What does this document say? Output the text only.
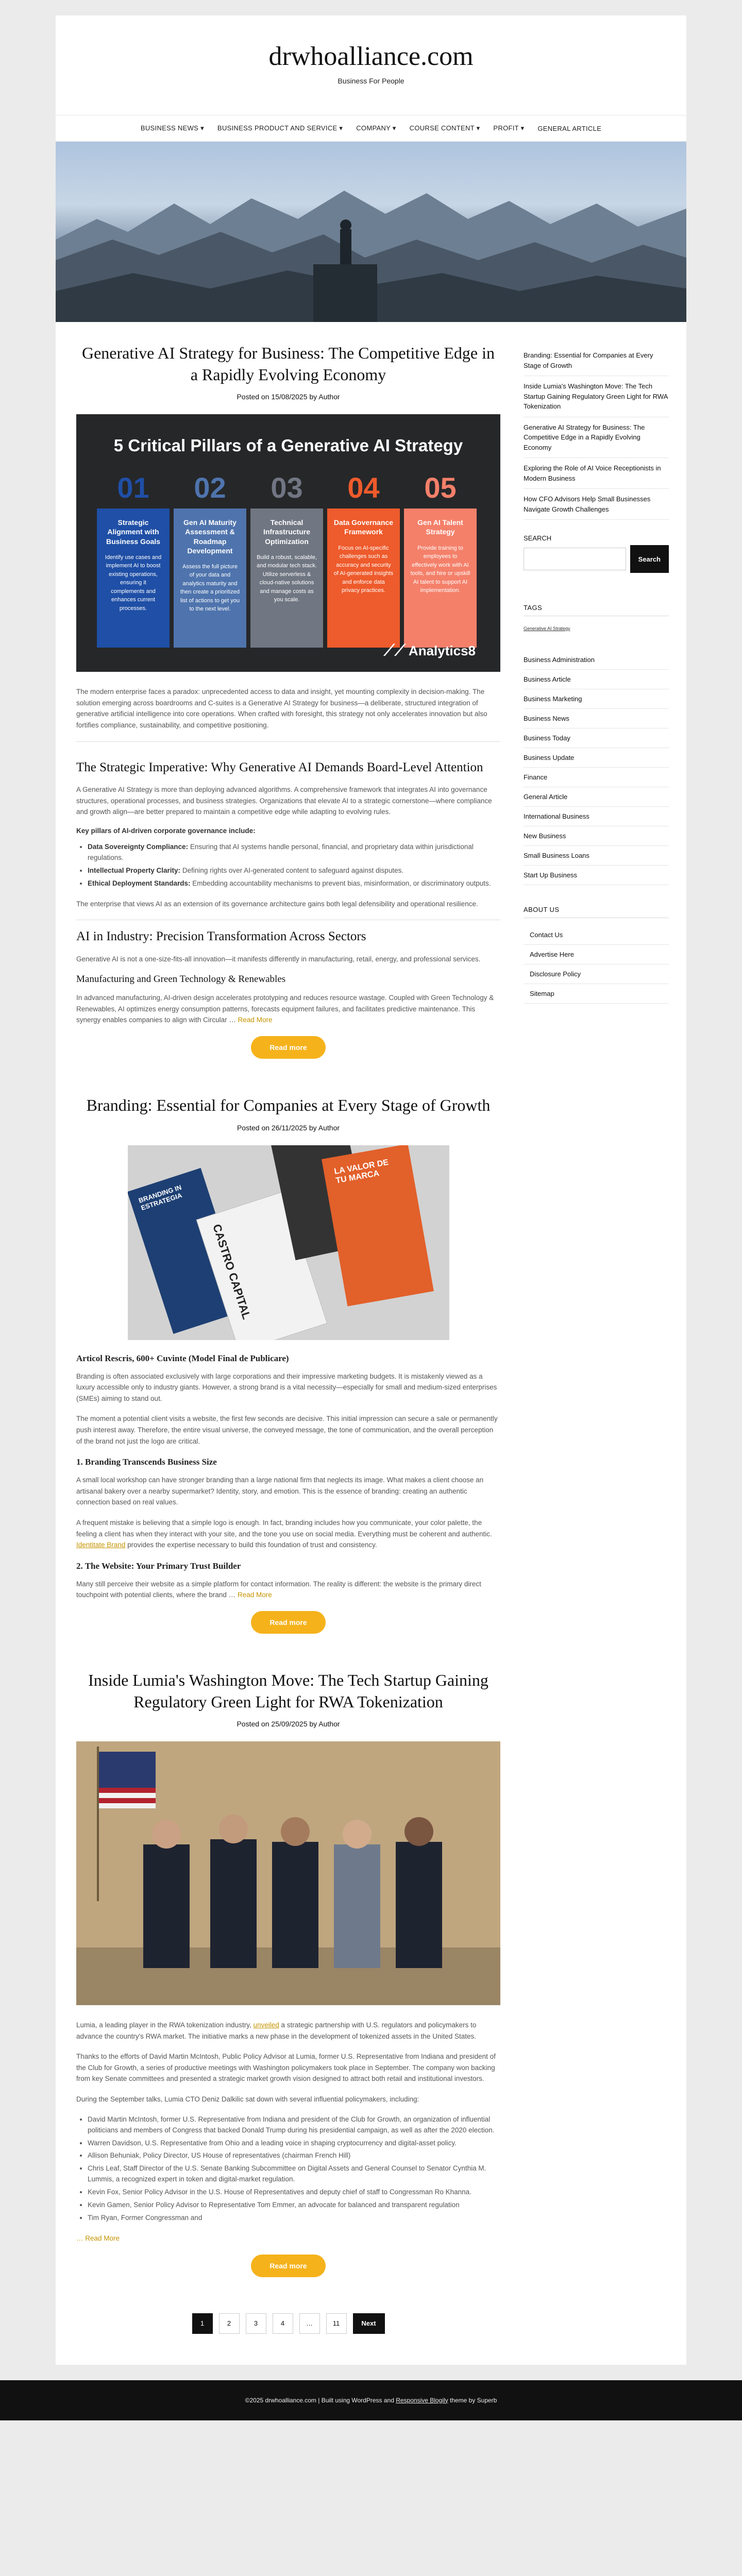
drwhoalliance.com
Business For People
BUSINESS NEWS ▾ BUSINESS PRODUCT AND SERVICE ▾ COMPANY ▾ COURSE CONTENT ▾ PROFIT ▾ GENERAL ARTICLE
Generative AI Strategy for Business: The Competitive Edge in a Rapidly Evolving Economy
Posted on 15/08/2025 by Author
5 Critical Pillars of a Generative AI Strategy
01
Strategic Alignment with Business Goals
Identify use cases and implement AI to boost existing operations, ensuring it complements and enhances current processes.
02
Gen AI Maturity Assessment & Roadmap Development
Assess the full picture of your data and analytics maturity and then create a prioritized list of actions to get you to the next level.
03
Technical Infrastructure Optimization
Build a robust, scalable, and modular tech stack. Utilize serverless & cloud-native solutions and manage costs as you scale.
04
Data Governance Framework
Focus on AI-specific challenges such as accuracy and security of AI-generated insights and enforce data privacy practices.
05
Gen AI Talent Strategy
Provide training to employees to effectively work with AI tools, and hire or upskill AI talent to support AI implementation.
⟋⟋ Analytics8

The modern enterprise faces a paradox: unprecedented access to data and insight, yet mounting complexity in decision-making. The solution emerging across boardrooms and C-suites is a Generative AI Strategy for business—a deliberate, structured integration of generative artificial intelligence into core operations. When crafted with foresight, this strategy not only accelerates innovation but also fortifies compliance, sustainability, and competitive positioning.

The Strategic Imperative: Why Generative AI Demands Board-Level Attention

A Generative AI Strategy is more than deploying advanced algorithms. A comprehensive framework that integrates AI into governance structures, operational processes, and business strategies. Organizations that elevate AI to a strategic cornerstone—where compliance and growth align—are better prepared to maintain a competitive edge while adapting to evolving rules.

Key pillars of AI-driven corporate governance include:
• Data Sovereignty Compliance: Ensuring that AI systems handle personal, financial, and proprietary data within jurisdictional regulations.
• Intellectual Property Clarity: Defining rights over AI-generated content to safeguard against disputes.
• Ethical Deployment Standards: Embedding accountability mechanisms to prevent bias, misinformation, or discriminatory outputs.

The enterprise that views AI as an extension of its governance architecture gains both legal defensibility and operational resilience.

AI in Industry: Precision Transformation Across Sectors

Generative AI is not a one-size-fits-all innovation—it manifests differently in manufacturing, retail, energy, and professional services.

Manufacturing and Green Technology & Renewables

In advanced manufacturing, AI-driven design accelerates prototyping and reduces resource wastage. Coupled with Green Technology & Renewables, AI optimizes energy consumption patterns, forecasts equipment failures, and facilitates predictive maintenance. This synergy enables companies to align with Circular … Read More

Read more
Branding: Essential for Companies at Every Stage of Growth
Posted on 26/11/2025 by Author
BRANDING IN ESTRATEGIA
CASTRO CAPITAL
LA VALOR DE TU MARCA
Articol Rescris, 600+ Cuvinte (Model Final de Publicare)

Branding is often associated exclusively with large corporations and their impressive marketing budgets. It is mistakenly viewed as a luxury accessible only to industry giants. However, a strong brand is a vital necessity—especially for small and medium-sized enterprises (SMEs) aiming to stand out.

The moment a potential client visits a website, the first few seconds are decisive. This initial impression can secure a sale or permanently push interest away. Therefore, the entire visual universe, the conveyed message, the tone of communication, and the overall perception of the brand not just the logo are critical.

1. Branding Transcends Business Size

A small local workshop can have stronger branding than a large national firm that neglects its image. What makes a client choose an artisanal bakery over a nearby supermarket? Identity, story, and emotion. This is the essence of branding: creating an authentic connection based on real values.

A frequent mistake is believing that a simple logo is enough. In fact, branding includes how you communicate, your color palette, the feeling a client has when they interact with your site, and the tone you use on social media. Everything must be coherent and authentic. Identitate Brand provides the expertise necessary to build this foundation of trust and consistency.

2. The Website: Your Primary Trust Builder

Many still perceive their website as a simple platform for contact information. The reality is different: the website is the primary direct touchpoint with potential clients, where the brand … Read More

Read more
Inside Lumia's Washington Move: The Tech Startup Gaining Regulatory Green Light for RWA Tokenization
Posted on 25/09/2025 by Author

Lumia, a leading player in the RWA tokenization industry, unveiled a strategic partnership with U.S. regulators and policymakers to advance the country's RWA market. The initiative marks a new phase in the development of tokenized assets in the United States.

Thanks to the efforts of David Martin McIntosh, Public Policy Advisor at Lumia, former U.S. Representative from Indiana and president of the Club for Growth, a series of productive meetings with Washington policymakers took place in September. The company won backing from key Senate committees and presented a strategic market growth vision designed to attract both retail and institutional investors.

During the September talks, Lumia CTO Deniz Dalkilic sat down with several influential policymakers, including:

• David Martin McIntosh, former U.S. Representative from Indiana and president of the Club for Growth, an organization of influential politicians and members of Congress that backed Donald Trump during his presidential campaign, as well as after the 2020 election.
• Warren Davidson, U.S. Representative from Ohio and a leading voice in shaping cryptocurrency and digital-asset policy.
• Allison Behuniak, Policy Director, US House of representatives (chairman French Hill)
• Chris Leaf, Staff Director of the U.S. Senate Banking Subcommittee on Digital Assets and General Counsel to Senator Cynthia M. Lummis, a recognized expert in token and digital-market regulation.
• Kevin Fox, Senior Policy Advisor in the U.S. House of Representatives and deputy chief of staff to Congressman Ro Khanna.
• Kevin Gamen, Senior Policy Advisor to Representative Tom Emmer, an advocate for balanced and transparent regulation
• Tim Ryan, Former Congressman and

… Read More

Read more
1	2	3	4	…	11	Next
Branding: Essential for Companies at Every Stage of Growth
Inside Lumia's Washington Move: The Tech Startup Gaining Regulatory Green Light for RWA Tokenization
Generative AI Strategy for Business: The Competitive Edge in a Rapidly Evolving Economy
Exploring the Role of AI Voice Receptionists in Modern Business
How CFO Advisors Help Small Businesses Navigate Growth Challenges
SEARCH
Search
TAGS
Generative AI Strategy
Business Administration
Business Article
Business Marketing
Business News
Business Today
Business Update
Finance
General Article
International Business
New Business
Small Business Loans
Start Up Business
ABOUT US
Contact Us
Advertise Here
Disclosure Policy
Sitemap
©2025 drwhoalliance.com | Built using WordPress and Responsive Blogily theme by Superb
